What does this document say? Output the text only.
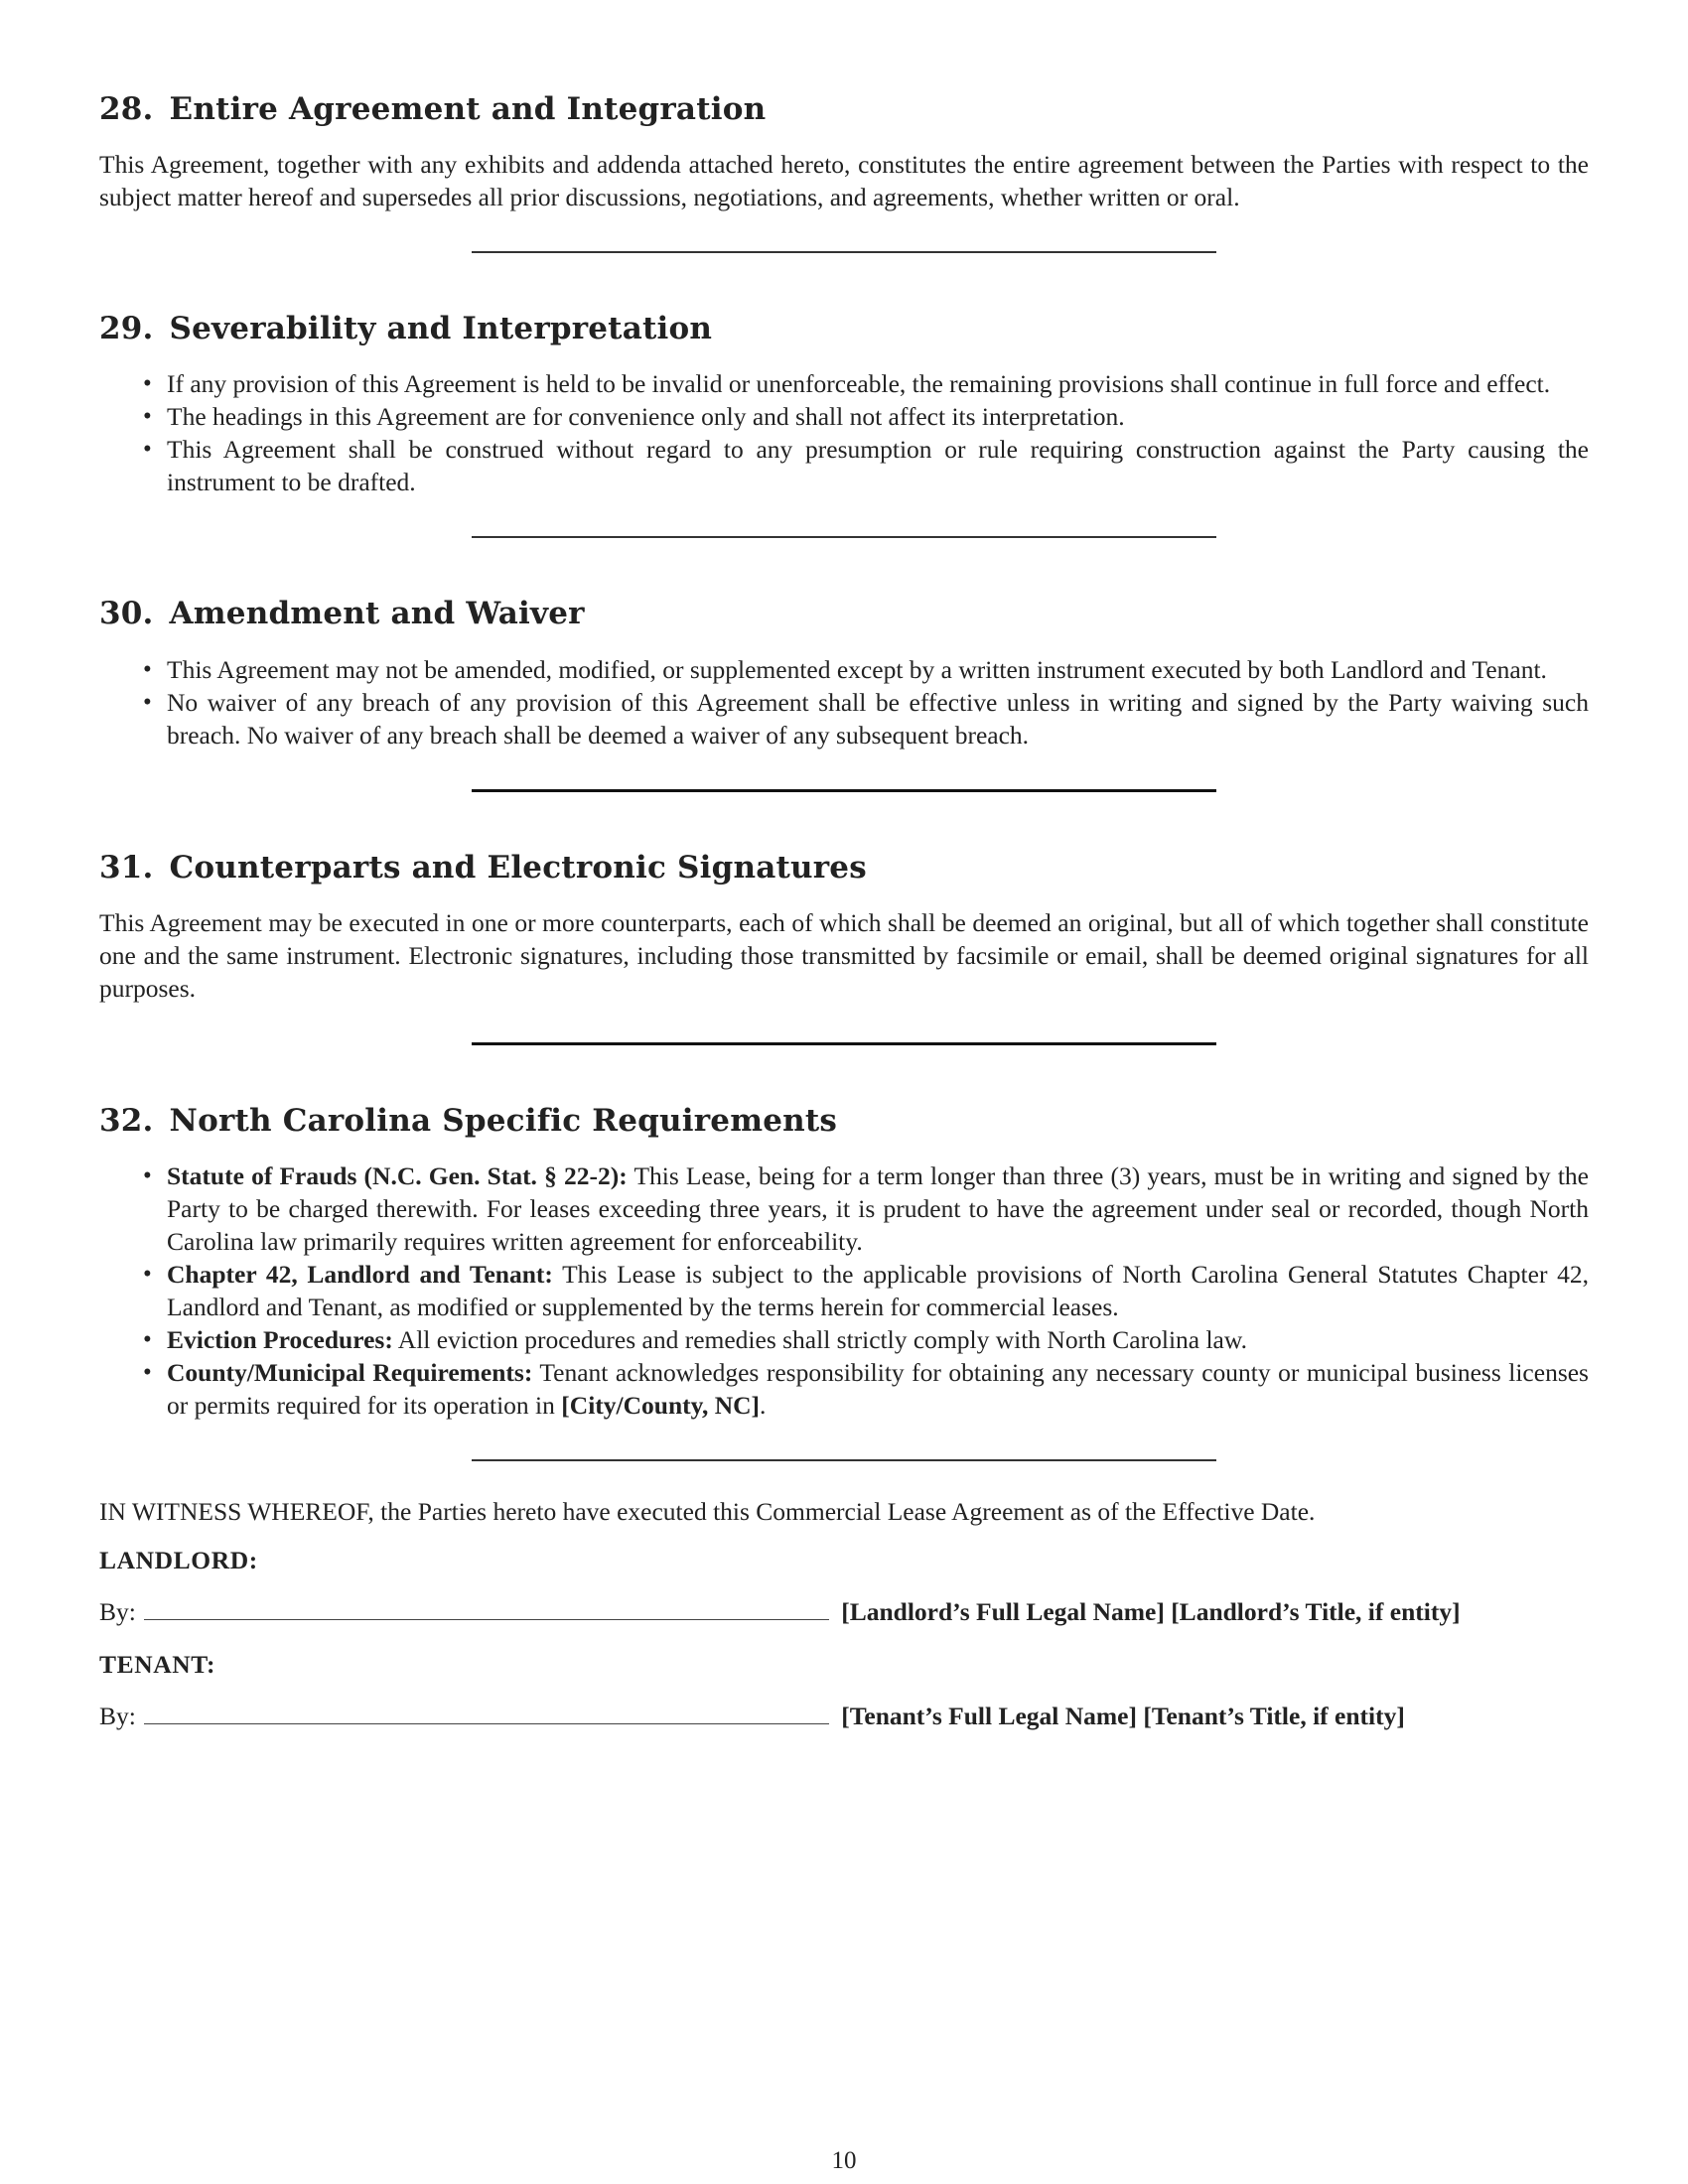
28. Entire Agreement and Integration

This Agreement, together with any exhibits and addenda attached hereto, constitutes the entire agreement between the Parties with respect to the subject matter hereof and supersedes all prior discussions, negotiations, and agreements, whether written or oral.

29. Severability and Interpretation
• If any provision of this Agreement is held to be invalid or unenforceable, the remaining provisions shall continue in full force and effect.
• The headings in this Agreement are for convenience only and shall not affect its interpretation.
• This Agreement shall be construed without regard to any presumption or rule requiring construction against the Party causing the instrument to be drafted.
30. Amendment and Waiver
• This Agreement may not be amended, modified, or supplemented except by a written instrument executed by both Landlord and Tenant.
• No waiver of any breach of any provision of this Agreement shall be effective unless in writing and signed by the Party waiving such breach. No waiver of any breach shall be deemed a waiver of any subsequent breach.
31. Counterparts and Electronic Signatures

This Agreement may be executed in one or more counterparts, each of which shall be deemed an original, but all of which together shall constitute one and the same instrument. Electronic signatures, including those transmitted by facsimile or email, shall be deemed original signatures for all purposes.

32. North Carolina Specific Requirements
• Statute of Frauds (N.C. Gen. Stat. § 22-2): This Lease, being for a term longer than three (3) years, must be in writing and signed by the Party to be charged therewith. For leases exceeding three years, it is prudent to have the agreement under seal or recorded, though North Carolina law primarily requires written agreement for enforceability.
• Chapter 42, Landlord and Tenant: This Lease is subject to the applicable provisions of North Carolina General Statutes Chapter 42, Landlord and Tenant, as modified or supplemented by the terms herein for commercial leases.
• Eviction Procedures: All eviction procedures and remedies shall strictly comply with North Carolina law.
• County/Municipal Requirements: Tenant acknowledges responsibility for obtaining any necessary county or municipal business licenses or permits required for its operation in [City/County, NC].

IN WITNESS WHEREOF, the Parties hereto have executed this Commercial Lease Agreement as of the Effective Date.

LANDLORD:

By:	[Landlord’s Full Legal Name] [Landlord’s Title, if entity]

TENANT:

By:	[Tenant’s Full Legal Name] [Tenant’s Title, if entity]

10
